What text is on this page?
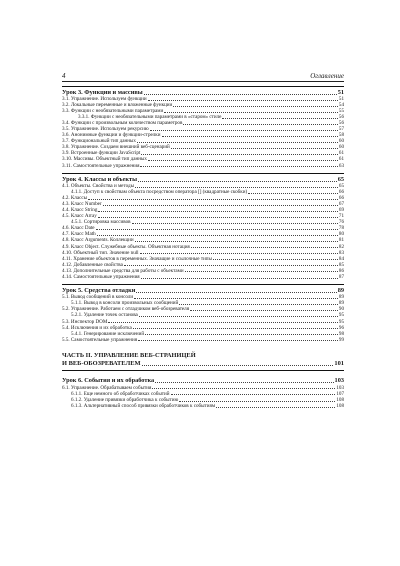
4	Оглавление
Урок 3. Функции и массивы	51
3.1. Упражнение. Используем функции	51
3.2. Локальные переменные и вложенные функции	54
3.3. Функции с необязательными параметрами	55
3.3.1. Функции с необязательными параметрами в «старом» стиле	56
3.4. Функции с произвольным количеством параметров	56
3.5. Упражнение. Используем рекурсию	57
3.6. Анонимные функции и функции-стрелки	58
3.7. Функциональный тип данных	60
3.8. Упражнение. Создаем внешний веб-сценарий	60
3.9. Встроенные функции JavaScript	61
3.10. Массивы. Объектный тип данных	61
3.11. Самостоятельные упражнения	63
Урок 4. Классы и объекты	65
4.1. Объекты. Свойства и методы	65
4.1.1. Доступ к свойствам объекта посредством оператора [] (квадратные скобки)	66
4.2. Классы	66
4.3. Класс Number	67
4.4. Класс String	69
4.5. Класс Array	71
4.5.1. Сортировка массивов	76
4.6. Класс Date	78
4.7. Класс Math	80
4.8. Класс Arguments. Коллекции	81
4.9. Класс Object. Служебные объекты. Объектная нотация	82
4.10. Объектный тип. Значение null	83
4.11. Хранение объектов в переменных. Значащие и ссылочные типы	84
4.12. Добавленные свойства	85
4.13. Дополнительные средства для работы с объектами	86
4.14. Самостоятельные упражнения	87
Урок 5. Средства отладки	89
5.1. Вывод сообщений в консоли	89
5.1.1. Вывод в консоли произвольных сообщений	89
5.2. Упражнение. Работаем с отладчиком веб-обозревателя	90
5.2.1. Удаление точек останова	95
5.3. Инспектор DOM	95
5.4. Исключения и их обработка	96
5.4.1. Генерирование исключений	98
5.5. Самостоятельные упражнения	99
ЧАСТЬ II. УПРАВЛЕНИЕ ВЕБ-СТРАНИЦЕЙ
И ВЕБ-ОБОЗРЕВАТЕЛЕМ	101
Урок 6. События и их обработка	103
6.1. Упражнение. Обрабатываем события	103
6.1.1. Еще немного об обработчиках событий	107
6.1.2. Удаление привязки обработчика к событию	108
6.1.3. Альтернативный способ привязки обработчиков к событиям	108
